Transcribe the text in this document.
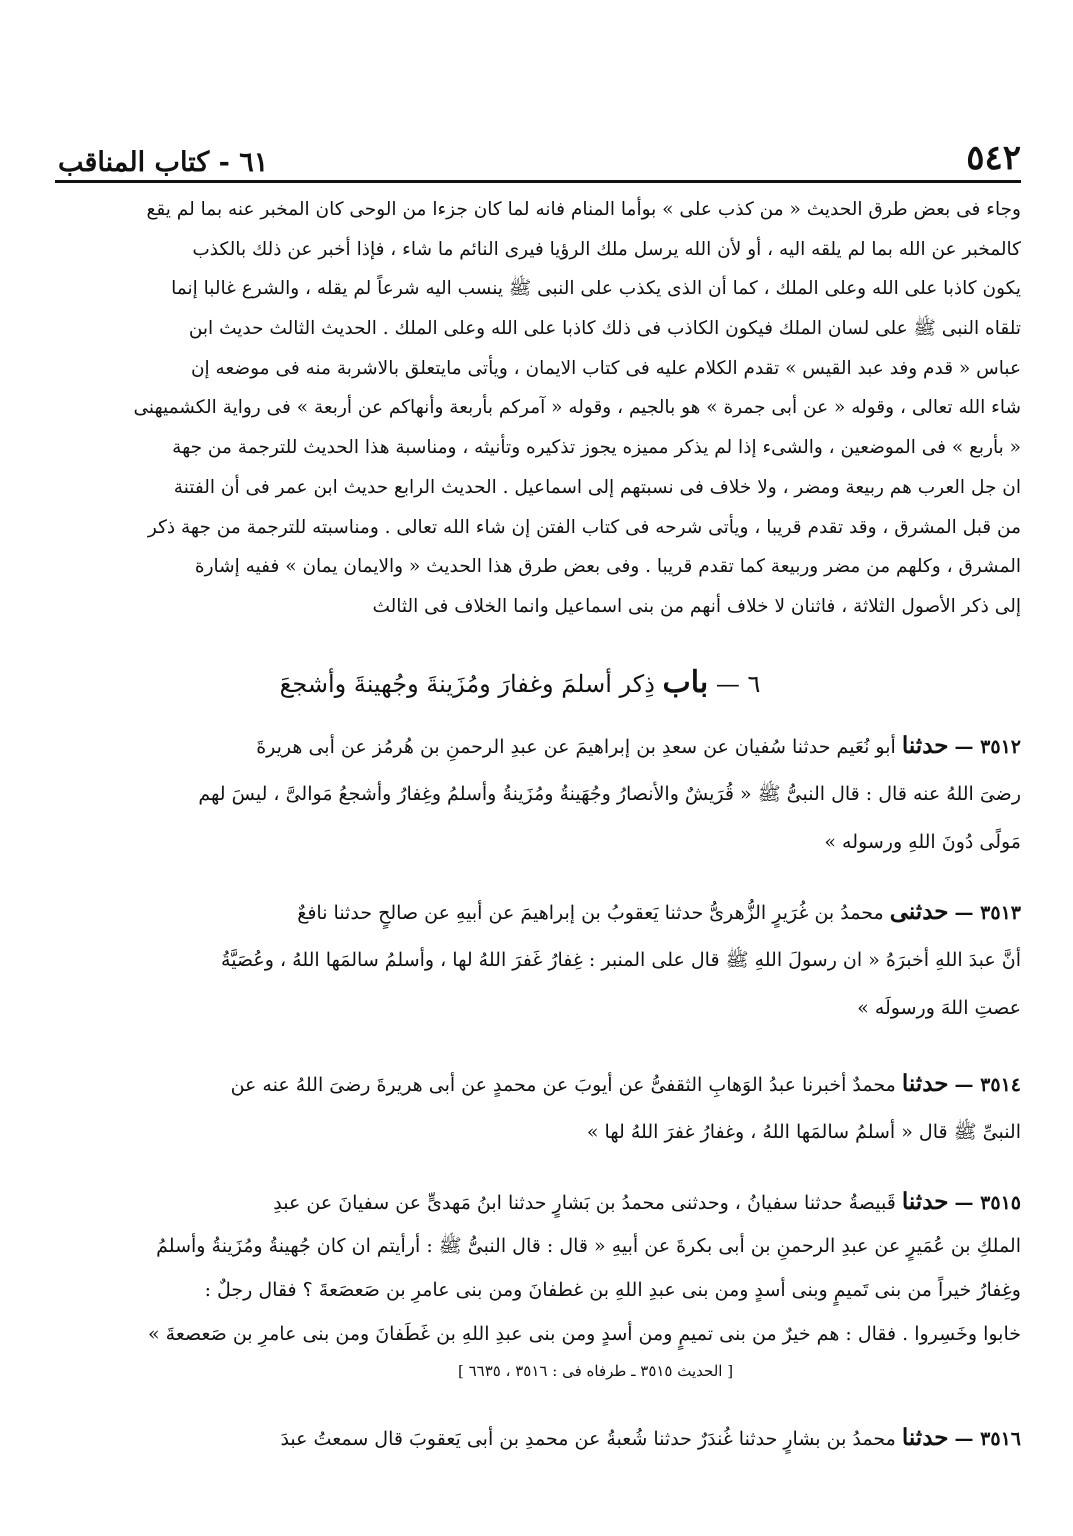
٥٤٢
٦١ - كتاب المناقب
وجاء فى بعض طرق الحديث « من كذب على » بوأما المنام فانه لما كان جزءا من الوحى كان المخبر عنه بما لم يقع
كالمخبر عن الله بما لم يلقه اليه ، أو لأن الله يرسل ملك الرؤيا فيرى النائم ما شاء ، فإذا أخبر عن ذلك بالكذب
يكون كاذبا على الله وعلى الملك ، كما أن الذى يكذب على النبى ﷺ ينسب اليه شرعاً لم يقله ، والشرع غالبا إنما
تلقاه النبى ﷺ على لسان الملك فيكون الكاذب فى ذلك كاذبا على الله وعلى الملك . الحديث الثالث حديث ابن
عباس « قدم وفد عبد القيس » تقدم الكلام عليه فى كتاب الايمان ، ويأتى مايتعلق بالاشربة منه فى موضعه إن
شاء الله تعالى ، وقوله « عن أبى جمرة » هو بالجيم ، وقوله « آمركم بأربعة وأنهاكم عن أربعة » فى رواية الكشميهنى
« بأربع » فى الموضعين ، والشىء إذا لم يذكر مميزه يجوز تذكيره وتأنيثه ، ومناسبة هذا الحديث للترجمة من جهة
ان جل العرب هم ربيعة ومضر ، ولا خلاف فى نسبتهم إلى اسماعيل . الحديث الرابع حديث ابن عمر فى أن الفتنة
من قبل المشرق ، وقد تقدم قريبا ، ويأتى شرحه فى كتاب الفتن إن شاء الله تعالى . ومناسبته للترجمة من جهة ذكر
المشرق ، وكلهم من مضر وربيعة كما تقدم قريبا . وفى بعض طرق هذا الحديث « والايمان يمان » ففيه إشارة
إلى ذكر الأصول الثلاثة ، فاثنان لا خلاف أنهم من بنى اسماعيل وانما الخلاف فى الثالث
٦ — باب ذِكر أسلمَ وغفارَ ومُزَينةَ وجُهينةَ وأشجعَ
٣٥١٢ — حدثنا أبو نُعَيم حدثنا سُفيان عن سعدِ بن إبراهيمَ عن عبدِ الرحمنِ بن هُرمُز عن أبى هريرةَ
رضىَ اللهُ عنه قال : قال النبىُّ ﷺ « قُرَيشٌ والأنصارُ وجُهَينةُ ومُزَينةُ وأسلمُ وغِفارُ وأشجعُ مَوالىَّ ، ليسَ لهم
مَولًى دُونَ اللهِ ورسوله »
٣٥١٣ — حدثنى محمدُ بن غُرَيرٍ الزُّهرىُّ حدثنا يَعقوبُ بن إبراهيمَ عن أبيهِ عن صالحٍ حدثنا نافعٌ
أنَّ عبدَ اللهِ أخبرَهُ « ان رسولَ اللهِ ﷺ قال على المنبر : غِفارُ غَفرَ اللهُ لها ، وأسلمُ سالمَها اللهُ ، وعُصَيَّةُ
عصتِ اللهَ ورسولَه »
٣٥١٤ — حدثنا محمدٌ أخبرنا عبدُ الوَهابِ الثقفىُّ عن أيوبَ عن محمدٍ عن أبى هريرةَ رضىَ اللهُ عنه عن
النبىِّ ﷺ قال « أسلمُ سالمَها اللهُ ، وغفارُ غفرَ اللهُ لها »
٣٥١٥ — حدثنا قَبيصةُ حدثنا سفيانُ ، وحدثنى محمدُ بن بَشارٍ حدثنا ابنُ مَهدىٍّ عن سفيانَ عن عبدِ
الملكِ بن عُمَيرٍ عن عبدِ الرحمنِ بن أبى بكرةَ عن أبيهِ « قال : قال النبىُّ ﷺ : أرأيتم ان كان جُهينةُ ومُزَينةُ وأسلمُ
وغِفارُ خيراً من بنى تَميمٍ وبنى أسدٍ ومن بنى عبدِ اللهِ بن غطفانَ ومن بنى عامرِ بن صَعصَعةَ ؟ فقال رجلٌ :
خابوا وخَسِروا . فقال : هم خيرٌ من بنى تميمٍ ومن أسدٍ ومن بنى عبدِ اللهِ بن غَطَفانَ ومن بنى عامرِ بن صَعصعةَ »
[ الحديث ٣٥١٥ ـ طرفاه فى : ٣٥١٦ ، ٦٦٣٥ ]
٣٥١٦ — حدثنا محمدُ بن بشارٍ حدثنا غُندَرٌ حدثنا شُعبةُ عن محمدِ بن أبى يَعقوبَ قال سمعتُ عبدَ
